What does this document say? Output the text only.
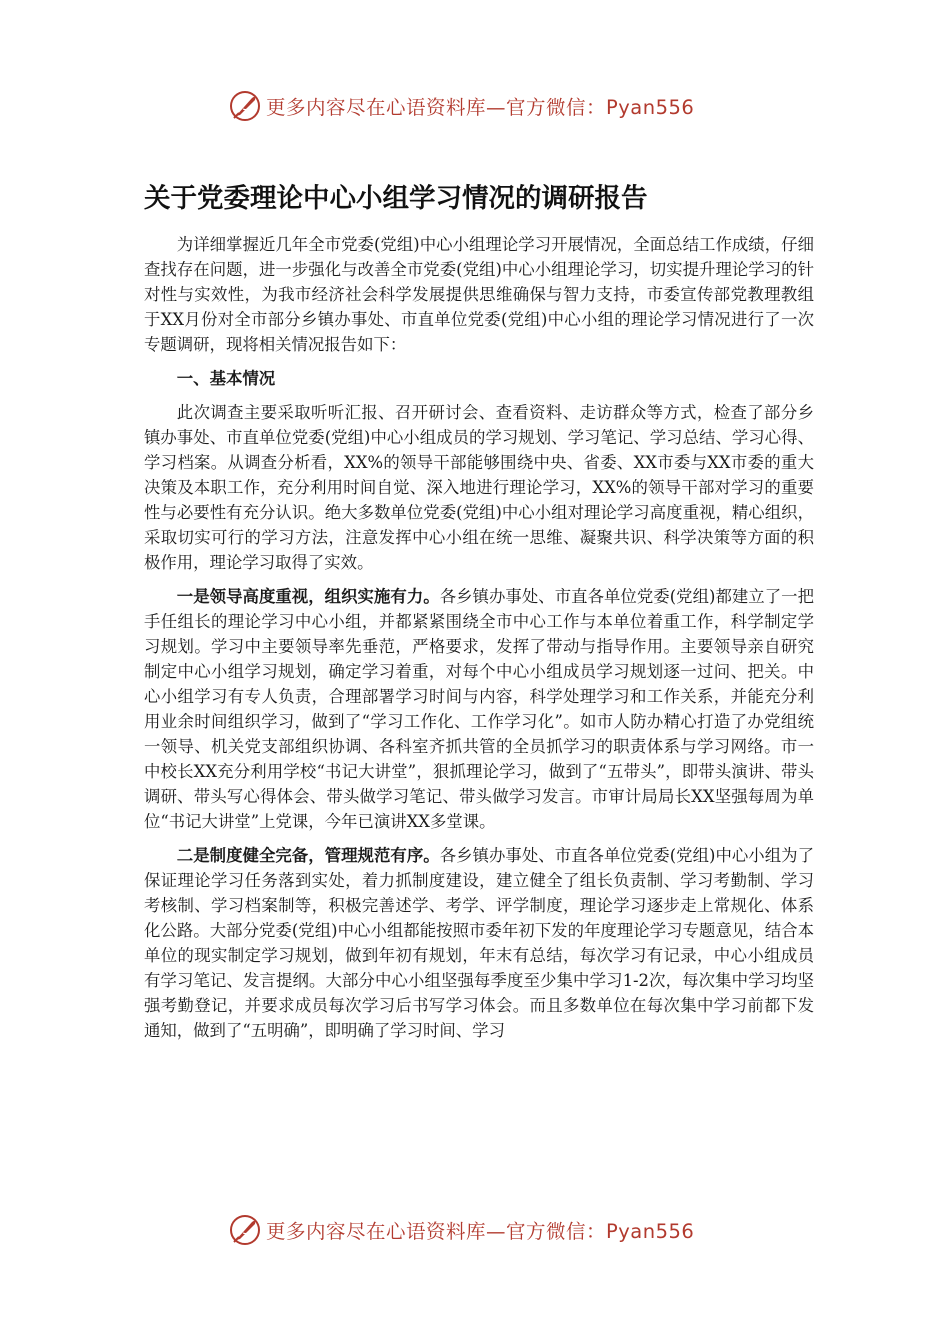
更多内容尽在心语资料库—官方微信：Pyan556
关于党委理论中心小组学习情况的调研报告

为详细掌握近几年全市党委(党组)中心小组理论学习开展情况，全面总结工作成绩，仔细查找存在问题，进一步强化与改善全市党委(党组)中心小组理论学习，切实提升理论学习的针对性与实效性，为我市经济社会科学发展提供思维确保与智力支持，市委宣传部党教理教组于XX月份对全市部分乡镇办事处、市直单位党委(党组)中心小组的理论学习情况进行了一次专题调研，现将相关情况报告如下：

一、基本情况

此次调查主要采取听听汇报、召开研讨会、查看资料、走访群众等方式，检查了部分乡镇办事处、市直单位党委(党组)中心小组成员的学习规划、学习笔记、学习总结、学习心得、学习档案。从调查分析看，XX%的领导干部能够围绕中央、省委、XX市委与XX市委的重大决策及本职工作，充分利用时间自觉、深入地进行理论学习，XX%的领导干部对学习的重要性与必要性有充分认识。绝大多数单位党委(党组)中心小组对理论学习高度重视，精心组织，采取切实可行的学习方法，注意发挥中心小组在统一思维、凝聚共识、科学决策等方面的积极作用，理论学习取得了实效。

一是领导高度重视，组织实施有力。各乡镇办事处、市直各单位党委(党组)都建立了一把手任组长的理论学习中心小组，并都紧紧围绕全市中心工作与本单位着重工作，科学制定学习规划。学习中主要领导率先垂范，严格要求，发挥了带动与指导作用。主要领导亲自研究制定中心小组学习规划，确定学习着重，对每个中心小组成员学习规划逐一过问、把关。中心小组学习有专人负责，合理部署学习时间与内容，科学处理学习和工作关系，并能充分利用业余时间组织学习，做到了“学习工作化、工作学习化”。如市人防办精心打造了办党组统一领导、机关党支部组织协调、各科室齐抓共管的全员抓学习的职责体系与学习网络。市一中校长XX充分利用学校“书记大讲堂”，狠抓理论学习，做到了“五带头”，即带头演讲、带头调研、带头写心得体会、带头做学习笔记、带头做学习发言。市审计局局长XX坚强每周为单位“书记大讲堂”上党课，今年已演讲XX多堂课。

二是制度健全完备，管理规范有序。各乡镇办事处、市直各单位党委(党组)中心小组为了保证理论学习任务落到实处，着力抓制度建设，建立健全了组长负责制、学习考勤制、学习考核制、学习档案制等，积极完善述学、考学、评学制度，理论学习逐步走上常规化、体系化公路。大部分党委(党组)中心小组都能按照市委年初下发的年度理论学习专题意见，结合本单位的现实制定学习规划，做到年初有规划，年末有总结，每次学习有记录，中心小组成员有学习笔记、发言提纲。大部分中心小组坚强每季度至少集中学习1-2次，每次集中学习均坚强考勤登记，并要求成员每次学习后书写学习体会。而且多数单位在每次集中学习前都下发通知，做到了“五明确”，即明确了学习时间、学习

更多内容尽在心语资料库—官方微信：Pyan556
